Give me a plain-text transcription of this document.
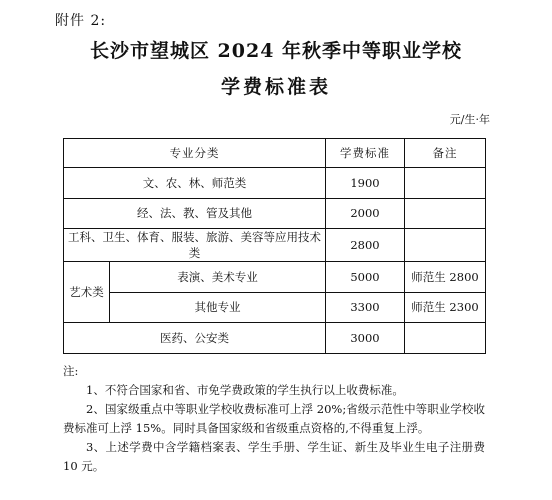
附件 2:
长沙市望城区 2024 年秋季中等职业学校
学费标准表
元/生·年
专业分类		学费标准	备注
文、农、林、师范类		1900	
经、法、教、管及其他		2000	
工科、卫生、体育、服装、旅游、美容等应用技术类		2800	
艺术类	表演、美术专业	5000	师范生 2800
	其他专业	3300	师范生 2300
医药、公安类		3000	

注:

1、不符合国家和省、市免学费政策的学生执行以上收费标准。

2、国家级重点中等职业学校收费标准可上浮 20%;省级示范性中等职业学校收费标准可上浮 15%。同时具备国家级和省级重点资格的,不得重复上浮。

3、上述学费中含学籍档案表、学生手册、学生证、新生及毕业生电子注册费 10 元。
